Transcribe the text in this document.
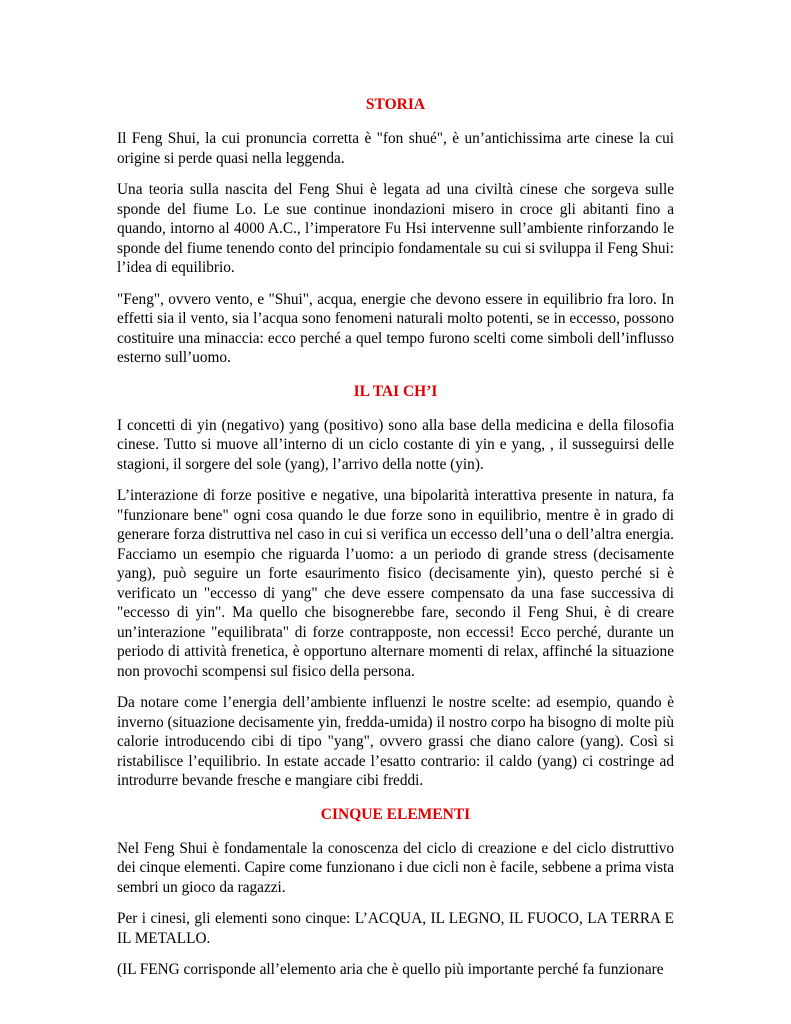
STORIA

Il Feng Shui, la cui pronuncia corretta è "fon shué", è un’antichissima arte cinese la cui origine si perde quasi nella leggenda.

Una teoria sulla nascita del Feng Shui è legata ad una civiltà cinese che sorgeva sulle sponde del fiume Lo. Le sue continue inondazioni misero in croce gli abitanti fino a quando, intorno al 4000 A.C., l’imperatore Fu Hsi intervenne sull’ambiente rinforzando le sponde del fiume tenendo conto del principio fondamentale su cui si sviluppa il Feng Shui: l’idea di equilibrio.

"Feng", ovvero vento, e "Shui", acqua, energie che devono essere in equilibrio fra loro. In effetti sia il vento, sia l’acqua sono fenomeni naturali molto potenti, se in eccesso, possono costituire una minaccia: ecco perché a quel tempo furono scelti come simboli dell’influsso esterno sull’uomo.

IL TAI CH’I

I concetti di yin (negativo) yang (positivo) sono alla base della medicina e della filosofia cinese. Tutto si muove all’interno di un ciclo costante di yin e yang, , il susseguirsi delle stagioni, il sorgere del sole (yang), l’arrivo della notte (yin).

L’interazione di forze positive e negative, una bipolarità interattiva presente in natura, fa "funzionare bene" ogni cosa quando le due forze sono in equilibrio, mentre è in grado di generare forza distruttiva nel caso in cui si verifica un eccesso dell’una o dell’altra energia. Facciamo un esempio che riguarda l’uomo: a un periodo di grande stress (decisamente yang), può seguire un forte esaurimento fisico (decisamente yin), questo perché si è verificato un "eccesso di yang" che deve essere compensato da una fase successiva di "eccesso di yin". Ma quello che bisognerebbe fare, secondo il Feng Shui, è di creare un’interazione "equilibrata" di forze contrapposte, non eccessi! Ecco perché, durante un periodo di attività frenetica, è opportuno alternare momenti di relax, affinché la situazione non provochi scompensi sul fisico della persona.

Da notare come l’energia dell’ambiente influenzi le nostre scelte: ad esempio, quando è inverno (situazione decisamente yin, fredda-umida) il nostro corpo ha bisogno di molte più calorie introducendo cibi di tipo "yang", ovvero grassi che diano calore (yang). Così si ristabilisce l’equilibrio. In estate accade l’esatto contrario: il caldo (yang) ci costringe ad introdurre bevande fresche e mangiare cibi freddi.

CINQUE ELEMENTI

Nel Feng Shui è fondamentale la conoscenza del ciclo di creazione e del ciclo distruttivo dei cinque elementi. Capire come funzionano i due cicli non è facile, sebbene a prima vista sembri un gioco da ragazzi.

Per i cinesi, gli elementi sono cinque: L’ACQUA, IL LEGNO, IL FUOCO, LA TERRA E IL METALLO.

(IL FENG corrisponde all’elemento aria che è quello più importante perché fa funzionare
